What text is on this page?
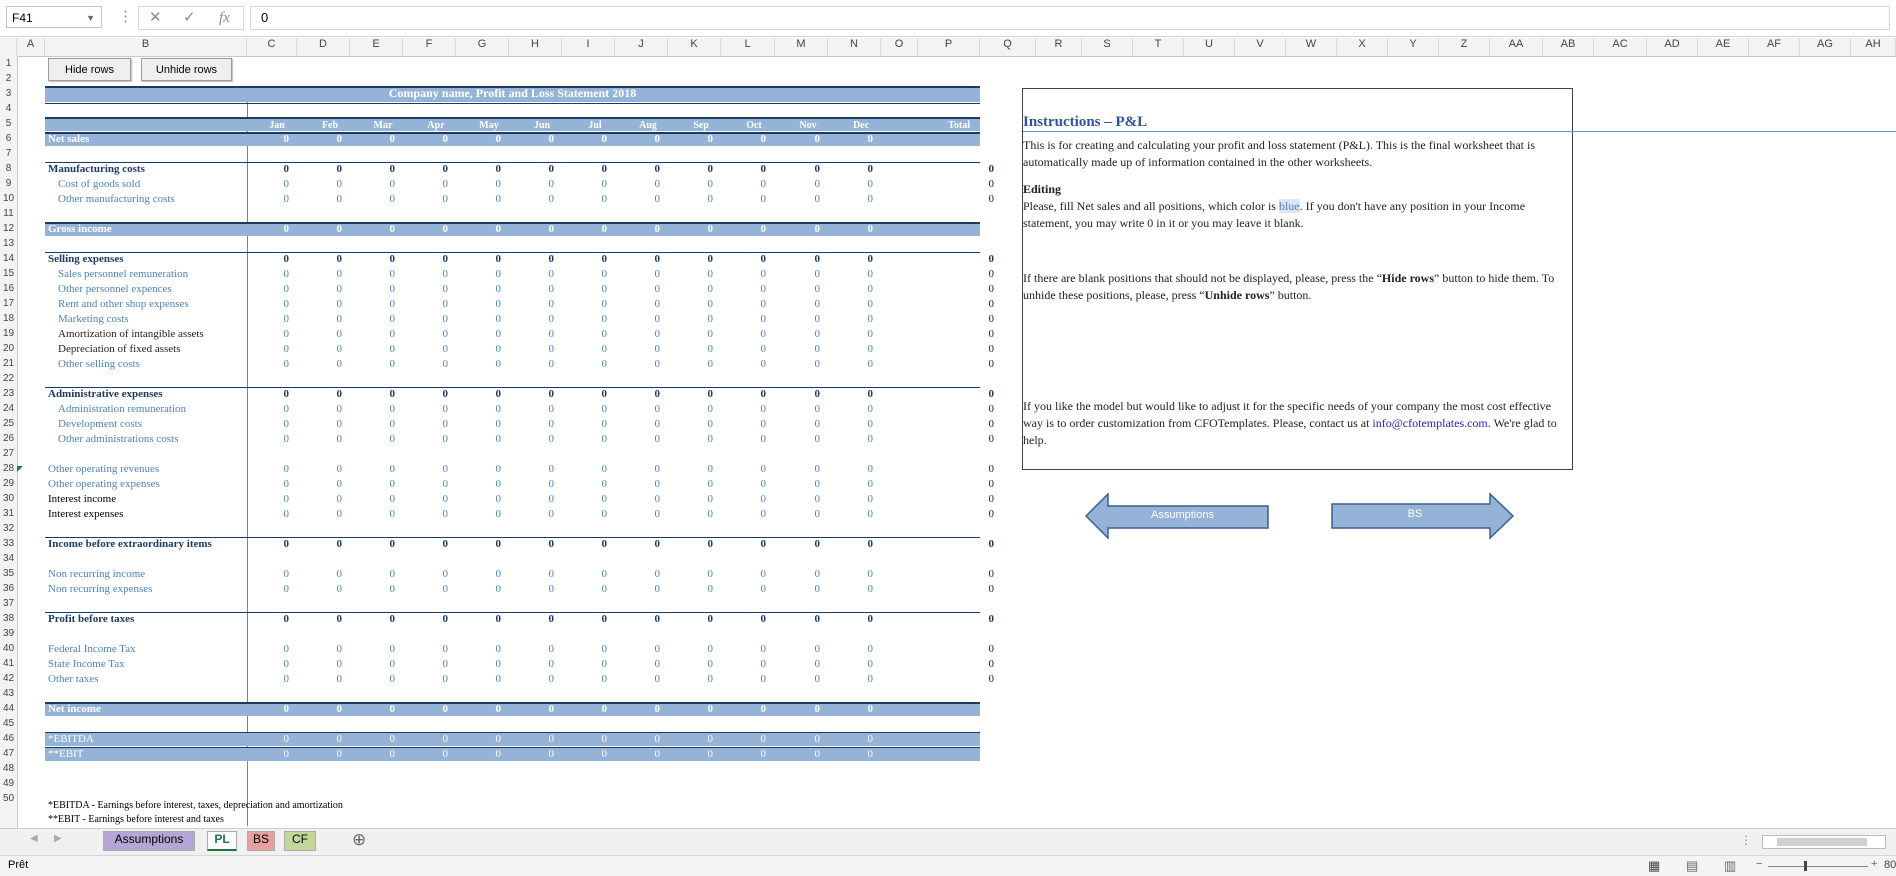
F41	▼ ⋮ ✕ ✓ fx	0
A	B	C	D	E	F	G	H	I	J	K	L	M	N	O	P	Q	R	S	T	U	V	W	X	Y	Z	AA	AB	AC	AD	AE	AF	AG	AH
1
2
3
4
5
6
7
8
9
10
11
12
13
14
15
16
17
18
19
20
21
22
23
24
25
26
27
28
29
30
31
32
33
34
35
36
37
38
39
40
41
42
43
44
45
46
47
48
49
50
Hide rows	Unhide rows
Company name, Profit and Loss Statement 2018
Jan	Feb	Mar	Apr	May	Jun	Jul	Aug	Sep	Oct	Nov	Dec	Total
Net sales	0	0	0	0	0	0	0	0	0	0	0	0	0
Manufacturing costs	0	0	0	0	0	0	0	0	0	0	0	0	0
Cost of goods sold	0	0	0	0	0	0	0	0	0	0	0	0	0
Other manufacturing costs	0	0	0	0	0	0	0	0	0	0	0	0	0
Gross income	0	0	0	0	0	0	0	0	0	0	0	0	0
Selling expenses	0	0	0	0	0	0	0	0	0	0	0	0	0
Sales personnel remuneration	0	0	0	0	0	0	0	0	0	0	0	0	0
Other personnel expences	0	0	0	0	0	0	0	0	0	0	0	0	0
Rent and other shop expenses	0	0	0	0	0	0	0	0	0	0	0	0	0
Marketing costs	0	0	0	0	0	0	0	0	0	0	0	0	0
Amortization of intangible assets	0	0	0	0	0	0	0	0	0	0	0	0	0
Depreciation of fixed assets	0	0	0	0	0	0	0	0	0	0	0	0	0
Other selling costs	0	0	0	0	0	0	0	0	0	0	0	0	0
Administrative expenses	0	0	0	0	0	0	0	0	0	0	0	0	0
Administration remuneration	0	0	0	0	0	0	0	0	0	0	0	0	0
Development costs	0	0	0	0	0	0	0	0	0	0	0	0	0
Other administrations costs	0	0	0	0	0	0	0	0	0	0	0	0	0
Other operating revenues	0	0	0	0	0	0	0	0	0	0	0	0	0
Other operating expenses	0	0	0	0	0	0	0	0	0	0	0	0	0
Interest income	0	0	0	0	0	0	0	0	0	0	0	0	0
Interest expenses	0	0	0	0	0	0	0	0	0	0	0	0	0
Income before extraordinary items	0	0	0	0	0	0	0	0	0	0	0	0	0
Non recurring income	0	0	0	0	0	0	0	0	0	0	0	0	0
Non recurring expenses	0	0	0	0	0	0	0	0	0	0	0	0	0
Profit before taxes	0	0	0	0	0	0	0	0	0	0	0	0	0
Federal Income Tax	0	0	0	0	0	0	0	0	0	0	0	0	0
State Income Tax	0	0	0	0	0	0	0	0	0	0	0	0	0
Other taxes	0	0	0	0	0	0	0	0	0	0	0	0	0
Net income	0	0	0	0	0	0	0	0	0	0	0	0	0
*EBITDA	0	0	0	0	0	0	0	0	0	0	0	0	0
**EBIT	0	0	0	0	0	0	0	0	0	0	0	0	0
*EBITDA - Earnings before interest, taxes, depreciation and amortization
**EBIT - Earnings before interest and taxes
Instructions – P&L
This is for creating and calculating your profit and loss statement (P&L). This is the final worksheet that is automatically made up of information contained in the other worksheets.
Editing
Please, fill Net sales and all positions, which color is blue. If you don't have any position in your Income statement, you may write 0 in it or you may leave it blank.
If there are blank positions that should not be displayed, please, press the “Hide rows” button to hide them. To unhide these positions, please, press “Unhide rows” button.
If you like the model but would like to adjust it for the specific needs of your company the most cost effective way is to order customization from CFOTemplates. Please, contact us at info@cfotemplates.com. We're glad to help.
Assumptions	BS
◀ ▶	Assumptions	PL	BS	CF	⊕	⋮
Prêt	▦ ▤ ▥ −	+ 80
